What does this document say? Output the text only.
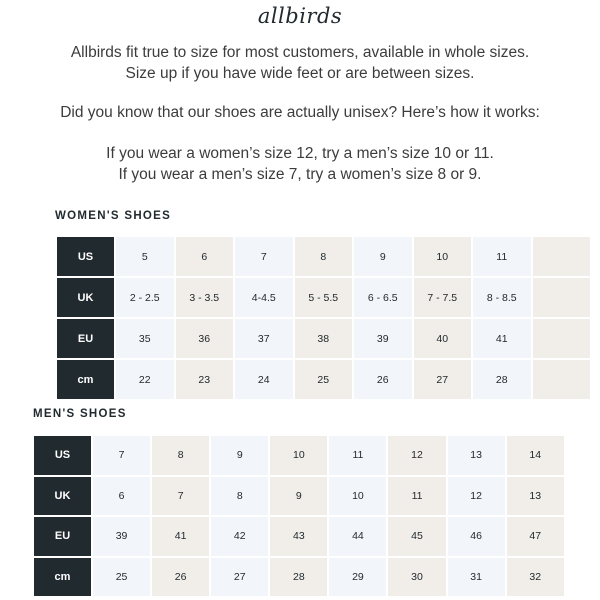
allbirds

Allbirds fit true to size for most customers, available in whole sizes.

Size up if you have wide feet or are between sizes.

Did you know that our shoes are actually unisex? Here’s how it works:

If you wear a women’s size 12, try a men’s size 10 or 11.

If you wear a men’s size 7, try a women’s size 8 or 9.

WOMEN'S SHOES
US	5	6	7	8	9	10	11
UK	2 - 2.5	3 - 3.5	4-4.5	5 - 5.5	6 - 6.5	7 - 7.5	8 - 8.5
EU	35	36	37	38	39	40	41
cm	22	23	24	25	26	27	28
MEN'S SHOES
US	7	8	9	10	11	12	13	14
UK	6	7	8	9	10	11	12	13
EU	39	41	42	43	44	45	46	47
cm	25	26	27	28	29	30	31	32
